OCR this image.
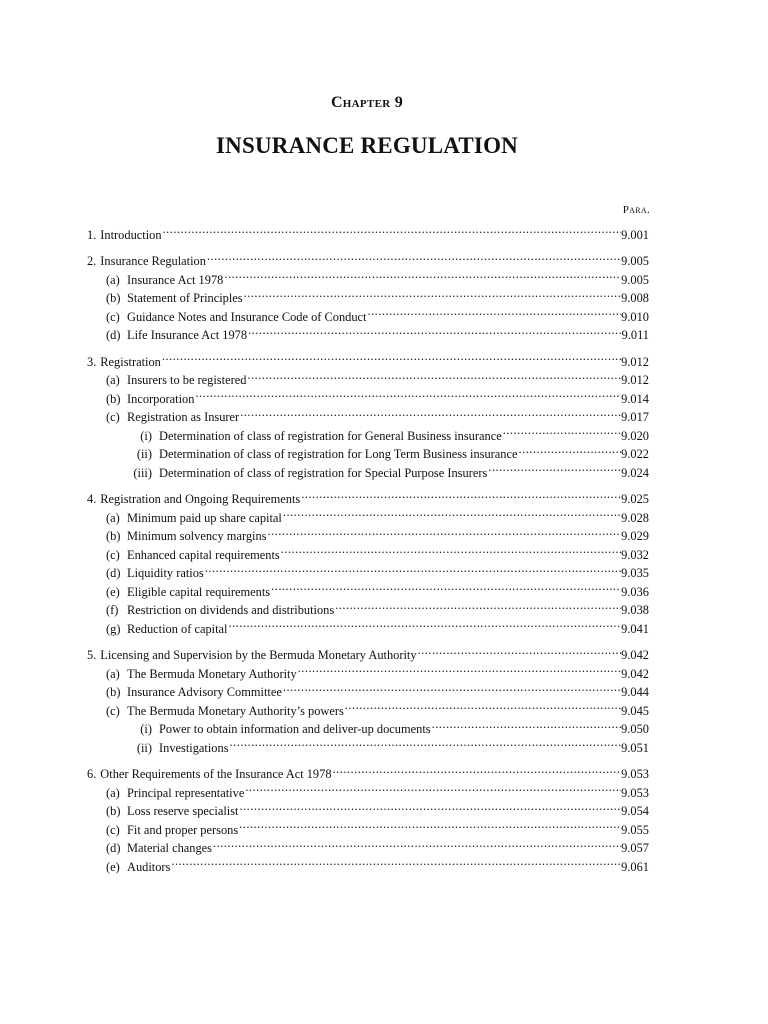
Chapter 9
INSURANCE REGULATION
Para.
1. Introduction .....	9.001
2. Insurance Regulation .....	9.005
(a) Insurance Act 1978 .....	9.005
(b) Statement of Principles .....	9.008
(c) Guidance Notes and Insurance Code of Conduct .....	9.010
(d) Life Insurance Act 1978 .....	9.011
3. Registration .....	9.012
(a) Insurers to be registered .....	9.012
(b) Incorporation .....	9.014
(c) Registration as Insurer .....	9.017
(i) Determination of class of registration for General Business insurance .....	9.020
(ii) Determination of class of registration for Long Term Business insurance .....	9.022
(iii) Determination of class of registration for Special Purpose Insurers .....	9.024
4. Registration and Ongoing Requirements .....	9.025
(a) Minimum paid up share capital .....	9.028
(b) Minimum solvency margins .....	9.029
(c) Enhanced capital requirements .....	9.032
(d) Liquidity ratios .....	9.035
(e) Eligible capital requirements .....	9.036
(f) Restriction on dividends and distributions .....	9.038
(g) Reduction of capital .....	9.041
5. Licensing and Supervision by the Bermuda Monetary Authority .....	9.042
(a) The Bermuda Monetary Authority .....	9.042
(b) Insurance Advisory Committee .....	9.044
(c) The Bermuda Monetary Authority’s powers .....	9.045
(i) Power to obtain information and deliver-up documents .....	9.050
(ii) Investigations .....	9.051
6. Other Requirements of the Insurance Act 1978 .....	9.053
(a) Principal representative .....	9.053
(b) Loss reserve specialist .....	9.054
(c) Fit and proper persons .....	9.055
(d) Material changes .....	9.057
(e) Auditors .....	9.061
